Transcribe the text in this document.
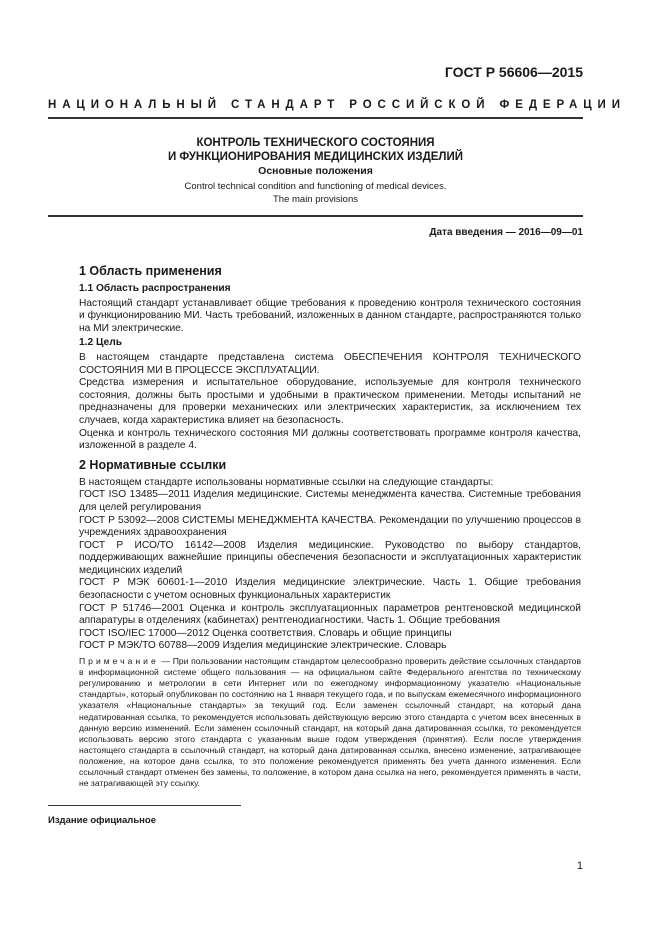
ГОСТ Р 56606—2015
НАЦИОНАЛЬНЫЙ СТАНДАРТ РОССИЙСКОЙ ФЕДЕРАЦИИ
КОНТРОЛЬ ТЕХНИЧЕСКОГО СОСТОЯНИЯ
И ФУНКЦИОНИРОВАНИЯ МЕДИЦИНСКИХ ИЗДЕЛИЙ
Основные положения
Control technical condition and functioning of medical devices.
The main provisions
Дата введения — 2016—09—01

1 Область применения

1.1 Область распространения

Настоящий стандарт устанавливает общие требования к проведению контроля технического состояния и функционированию МИ. Часть требований, изложенных в данном стандарте, распространяются только на МИ электрические.

1.2 Цель

В настоящем стандарте представлена система ОБЕСПЕЧЕНИЯ КОНТРОЛЯ ТЕХНИЧЕСКОГО СОСТОЯНИЯ МИ В ПРОЦЕССЕ ЭКСПЛУАТАЦИИ.

Средства измерения и испытательное оборудование, используемые для контроля технического состояния, должны быть простыми и удобными в практическом применении. Методы испытаний не предназначены для проверки механических или электрических характеристик, за исключением тех случаев, когда характеристика влияет на безопасность.

Оценка и контроль технического состояния МИ должны соответствовать программе контроля качества, изложенной в разделе 4.

2 Нормативные ссылки

В настоящем стандарте использованы нормативные ссылки на следующие стандарты:

ГОСТ ISO 13485—2011 Изделия медицинские. Системы менеджмента качества. Системные требования для целей регулирования

ГОСТ Р 53092—2008 СИСТЕМЫ МЕНЕДЖМЕНТА КАЧЕСТВА. Рекомендации по улучшению процессов в учреждениях здравоохранения

ГОСТ Р ИСО/ТО 16142—2008 Изделия медицинские. Руководство по выбору стандартов, поддерживающих важнейшие принципы обеспечения безопасности и эксплуатационных характеристик медицинских изделий

ГОСТ Р МЭК 60601-1—2010 Изделия медицинские электрические. Часть 1. Общие требования безопасности с учетом основных функциональных характеристик

ГОСТ Р 51746—2001 Оценка и контроль эксплуатационных параметров рентгеновской медицинской аппаратуры в отделениях (кабинетах) рентгенодиагностики. Часть 1. Общие требования

ГОСТ ISO/IEC 17000—2012 Оценка соответствия. Словарь и общие принципы

ГОСТ Р МЭК/ТО 60788—2009 Изделия медицинские электрические. Словарь

Примечание — При пользовании настоящим стандартом целесообразно проверить действие ссылочных стандартов в информационной системе общего пользования — на официальном сайте Федерального агентства по техническому регулированию и метрологии в сети Интернет или по ежегодному информационному указателю «Национальные стандарты», который опубликован по состоянию на 1 января текущего года, и по выпускам ежемесячного информационного указателя «Национальные стандарты» за текущий год. Если заменен ссылочный стандарт, на который дана недатированная ссылка, то рекомендуется использовать действующую версию этого стандарта с учетом всех внесенных в данную версию изменений. Если заменен ссылочный стандарт, на который дана датированная ссылка, то рекомендуется использовать версию этого стандарта с указанным выше годом утверждения (принятия). Если после утверждения настоящего стандарта в ссылочный стандарт, на который дана датированная ссылка, внесено изменение, затрагивающее положение, на которое дана ссылка, то это положение рекомендуется применять без учета данного изменения. Если ссылочный стандарт отменен без замены, то положение, в котором дана ссылка на него, рекомендуется применять в части, не затрагивающей эту ссылку.

Издание официальное
1
